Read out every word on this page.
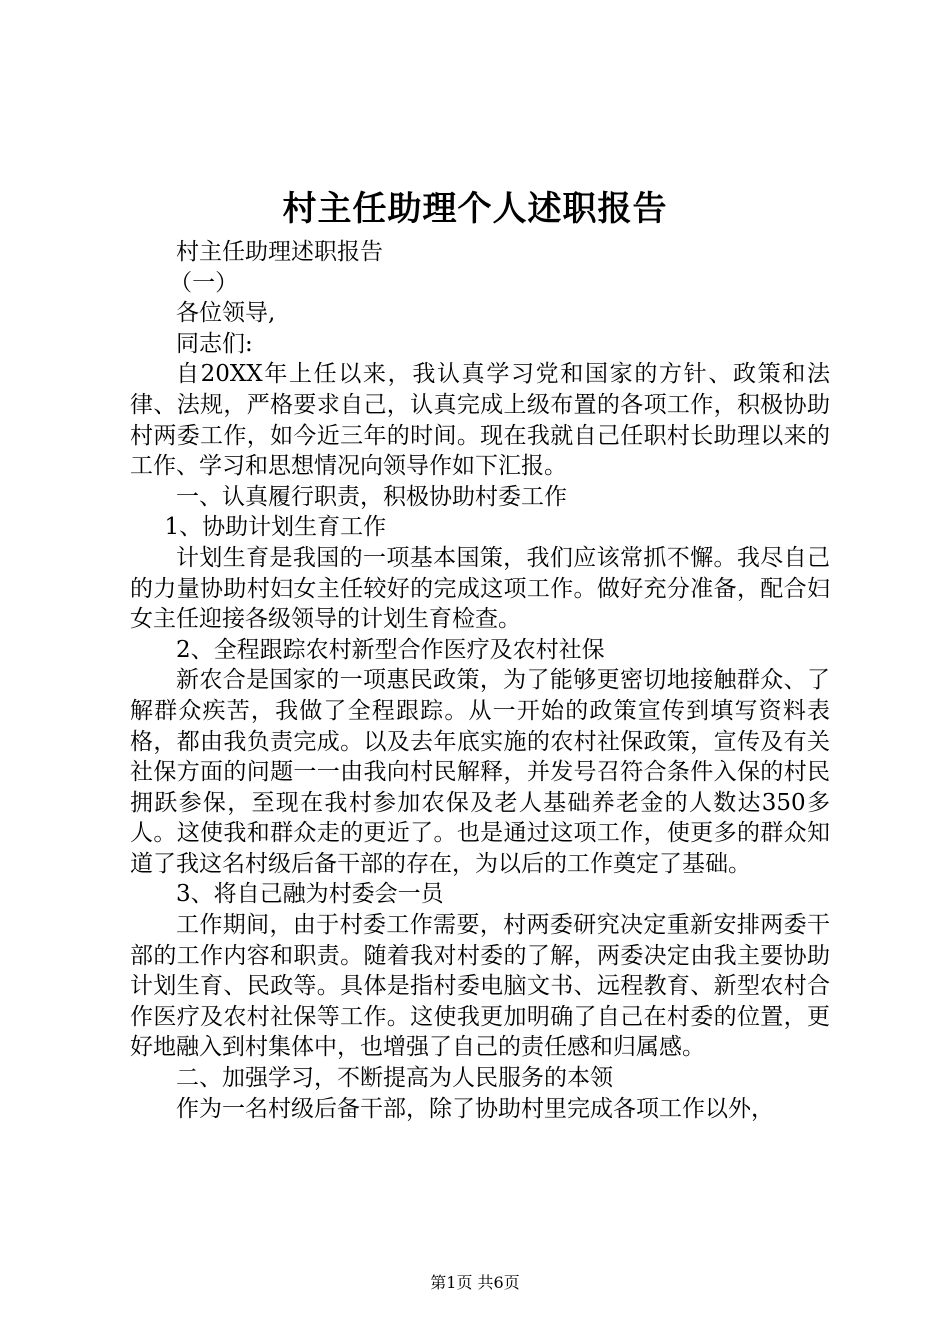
村主任助理个人述职报告

村主任助理述职报告

（一）

各位领导,

同志们:

自20XX年上任以来，我认真学习党和国家的方针、政策和法律、法规，严格要求自己，认真完成上级布置的各项工作，积极协助村两委工作，如今近三年的时间。现在我就自己任职村长助理以来的工作、学习和思想情况向领导作如下汇报。

一、认真履行职责，积极协助村委工作

1、协助计划生育工作

计划生育是我国的一项基本国策，我们应该常抓不懈。我尽自己的力量协助村妇女主任较好的完成这项工作。做好充分准备，配合妇女主任迎接各级领导的计划生育检查。

2、全程跟踪农村新型合作医疗及农村社保

新农合是国家的一项惠民政策，为了能够更密切地接触群众、了解群众疾苦，我做了全程跟踪。从一开始的政策宣传到填写资料表格，都由我负责完成。以及去年底实施的农村社保政策，宣传及有关社保方面的问题一一由我向村民解释，并发号召符合条件入保的村民拥跃参保，至现在我村参加农保及老人基础养老金的人数达350多人。这使我和群众走的更近了。也是通过这项工作，使更多的群众知道了我这名村级后备干部的存在，为以后的工作奠定了基础。

3、将自己融为村委会一员

工作期间，由于村委工作需要，村两委研究决定重新安排两委干部的工作内容和职责。随着我对村委的了解，两委决定由我主要协助计划生育、民政等。具体是指村委电脑文书、远程教育、新型农村合作医疗及农村社保等工作。这使我更加明确了自己在村委的位置，更好地融入到村集体中，也增强了自己的责任感和归属感。

二、加强学习，不断提高为人民服务的本领

作为一名村级后备干部，除了协助村里完成各项工作以外，

第1页 共6页
